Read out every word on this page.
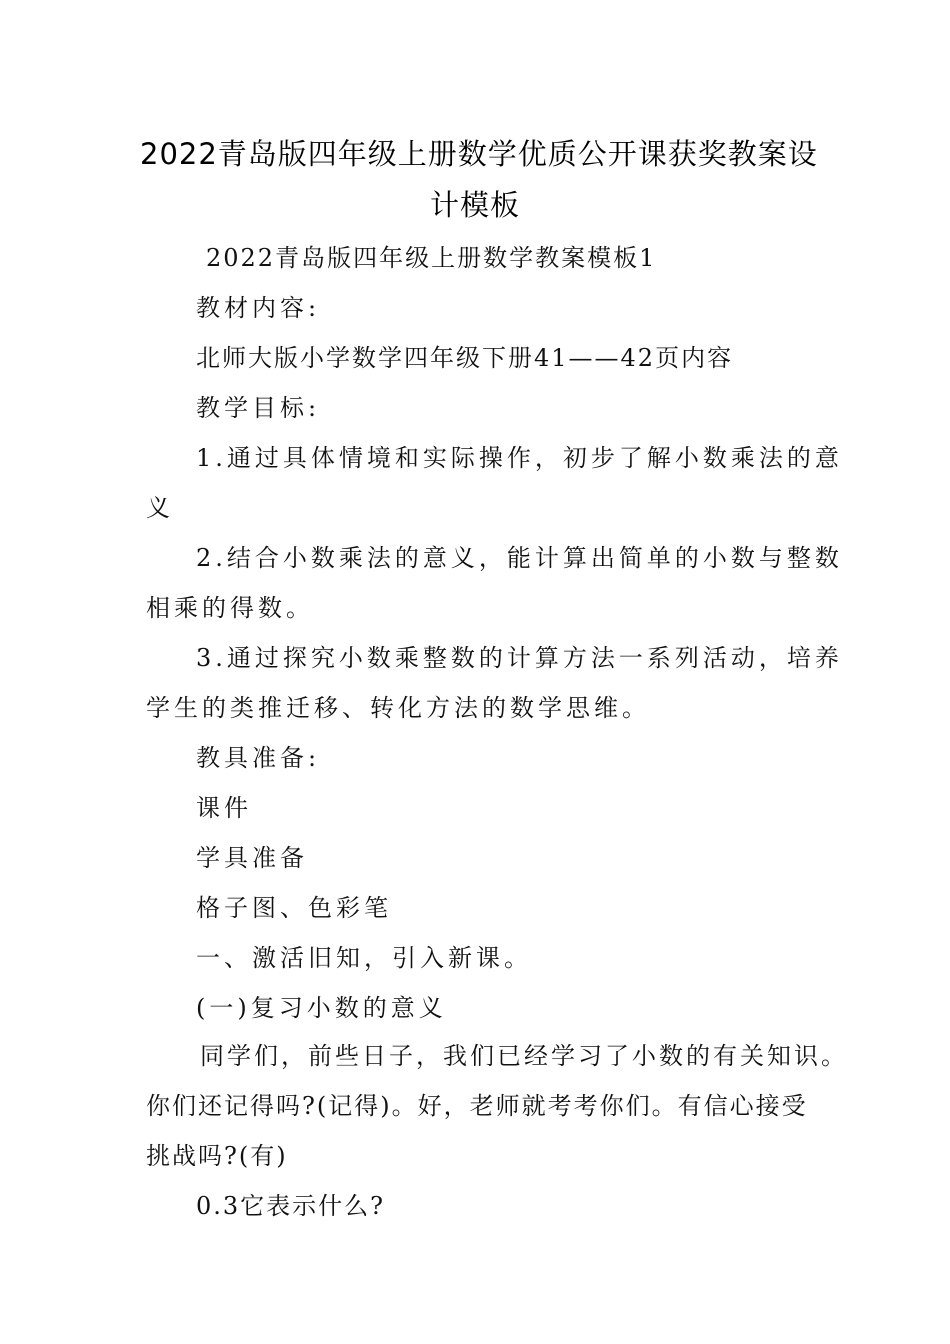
2022青岛版四年级上册数学优质公开课获奖教案设
计模板
2022青岛版四年级上册数学教案模板1
教材内容:
北师大版小学数学四年级下册41——42页内容
教学目标:
1.通过具体情境和实际操作，初步了解小数乘法的意
义
2.结合小数乘法的意义，能计算出简单的小数与整数
相乘的得数。
3.通过探究小数乘整数的计算方法一系列活动，培养
学生的类推迁移、转化方法的数学思维。
教具准备:
课件
学具准备
格子图、色彩笔
一、激活旧知，引入新课。
(一)复习小数的意义
同学们，前些日子，我们已经学习了小数的有关知识。
你们还记得吗?(记得)。好，老师就考考你们。有信心接受
挑战吗?(有)
0.3它表示什么?
